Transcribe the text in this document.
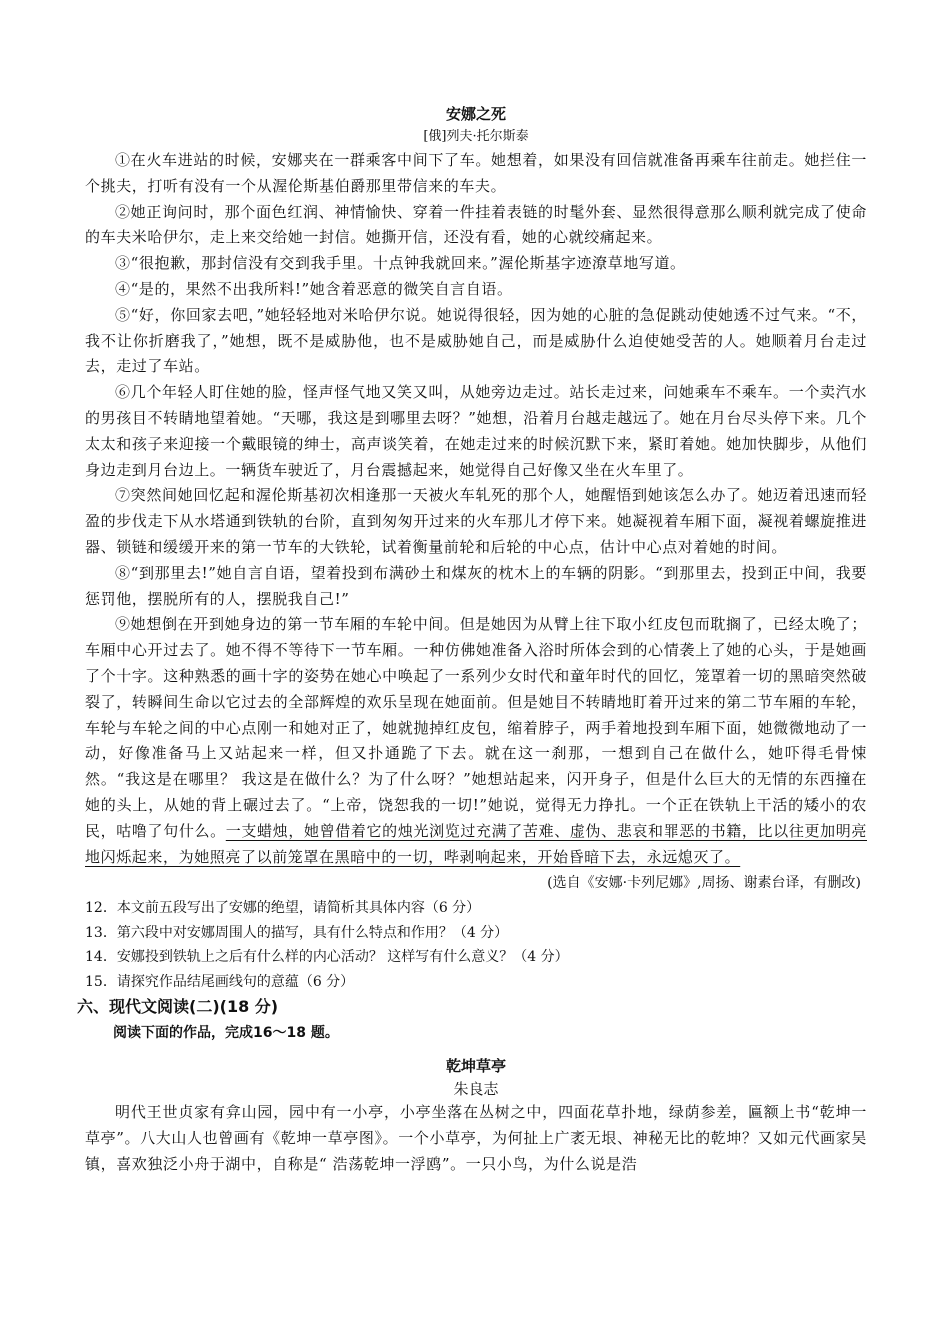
安娜之死

[俄]列夫·托尔斯泰

①在火车进站的时候，安娜夹在一群乘客中间下了车。她想着，如果没有回信就准备再乘车往前走。她拦住一个挑夫，打听有没有一个从渥伦斯基伯爵那里带信来的车夫。

②她正询问时，那个面色红润、神情愉快、穿着一件挂着表链的时髦外套、显然很得意那么顺利就完成了使命的车夫米哈伊尔，走上来交给她一封信。她撕开信，还没有看，她的心就绞痛起来。

③“很抱歉，那封信没有交到我手里。十点钟我就回来。”渥伦斯基字迹潦草地写道。

④“是的，果然不出我所料!”她含着恶意的微笑自言自语。

⑤“好，你回家去吧，”她轻轻地对米哈伊尔说。她说得很轻，因为她的心脏的急促跳动使她透不过气来。“不，我不让你折磨我了，”她想，既不是威胁他，也不是威胁她自己，而是威胁什么迫使她受苦的人。她顺着月台走过去，走过了车站。

⑥几个年轻人盯住她的脸，怪声怪气地又笑又叫，从她旁边走过。站长走过来，问她乘车不乘车。一个卖汽水的男孩目不转睛地望着她。“天哪，我这是到哪里去呀？”她想，沿着月台越走越远了。她在月台尽头停下来。几个太太和孩子来迎接一个戴眼镜的绅士，高声谈笑着，在她走过来的时候沉默下来，紧盯着她。她加快脚步，从他们身边走到月台边上。一辆货车驶近了，月台震撼起来，她觉得自己好像又坐在火车里了。

⑦突然间她回忆起和渥伦斯基初次相逢那一天被火车轧死的那个人，她醒悟到她该怎么办了。她迈着迅速而轻盈的步伐走下从水塔通到铁轨的台阶，直到匆匆开过来的火车那儿才停下来。她凝视着车厢下面，凝视着螺旋推进器、锁链和缓缓开来的第一节车的大铁轮，试着衡量前轮和后轮的中心点，估计中心点对着她的时间。

⑧“到那里去!”她自言自语，望着投到布满砂土和煤灰的枕木上的车辆的阴影。“到那里去，投到正中间，我要惩罚他，摆脱所有的人，摆脱我自己!”

⑨她想倒在开到她身边的第一节车厢的车轮中间。但是她因为从臂上往下取小红皮包而耽搁了，已经太晚了；车厢中心开过去了。她不得不等待下一节车厢。一种仿佛她准备入浴时所体会到的心情袭上了她的心头，于是她画了个十字。这种熟悉的画十字的姿势在她心中唤起了一系列少女时代和童年时代的回忆，笼罩着一切的黑暗突然破裂了，转瞬间生命以它过去的全部辉煌的欢乐呈现在她面前。但是她目不转睛地盯着开过来的第二节车厢的车轮，车轮与车轮之间的中心点刚一和她对正了，她就抛掉红皮包，缩着脖子，两手着地投到车厢下面，她微微地动了一动，好像准备马上又站起来一样，但又扑通跪了下去。就在这一刹那，一想到自己在做什么，她吓得毛骨悚然。“我这是在哪里？ 我这是在做什么？为了什么呀？”她想站起来，闪开身子，但是什么巨大的无情的东西撞在她的头上，从她的背上碾过去了。“上帝，饶恕我的一切!”她说，觉得无力挣扎。一个正在铁轨上干活的矮小的农民，咕噜了句什么。一支蜡烛，她曾借着它的烛光浏览过充满了苦难、虚伪、悲哀和罪恶的书籍，比以往更加明亮地闪烁起来，为她照亮了以前笼罩在黑暗中的一切，哔剥响起来，开始昏暗下去，永远熄灭了。

(选自《安娜·卡列尼娜》,周扬、谢素台译，有删改)

12．本文前五段写出了安娜的绝望，请简析其具体内容（6 分）

13．第六段中对安娜周围人的描写，具有什么特点和作用？（4 分）

14．安娜投到铁轨上之后有什么样的内心活动？ 这样写有什么意义？（4 分）

15．请探究作品结尾画线句的意蕴（6 分）

六、现代文阅读(二)(18 分)

阅读下面的作品，完成16～18 题。

乾坤草亭

朱良志

明代王世贞家有弇山园，园中有一小亭，小亭坐落在丛树之中，四面花草扑地，绿荫参差，匾额上书“乾坤一草亭”。八大山人也曾画有《乾坤一草亭图》。一个小草亭，为何扯上广袤无垠、神秘无比的乾坤？又如元代画家吴镇，喜欢独泛小舟于湖中，自称是“ 浩荡乾坤一浮鸥”。一只小鸟，为什么说是浩
